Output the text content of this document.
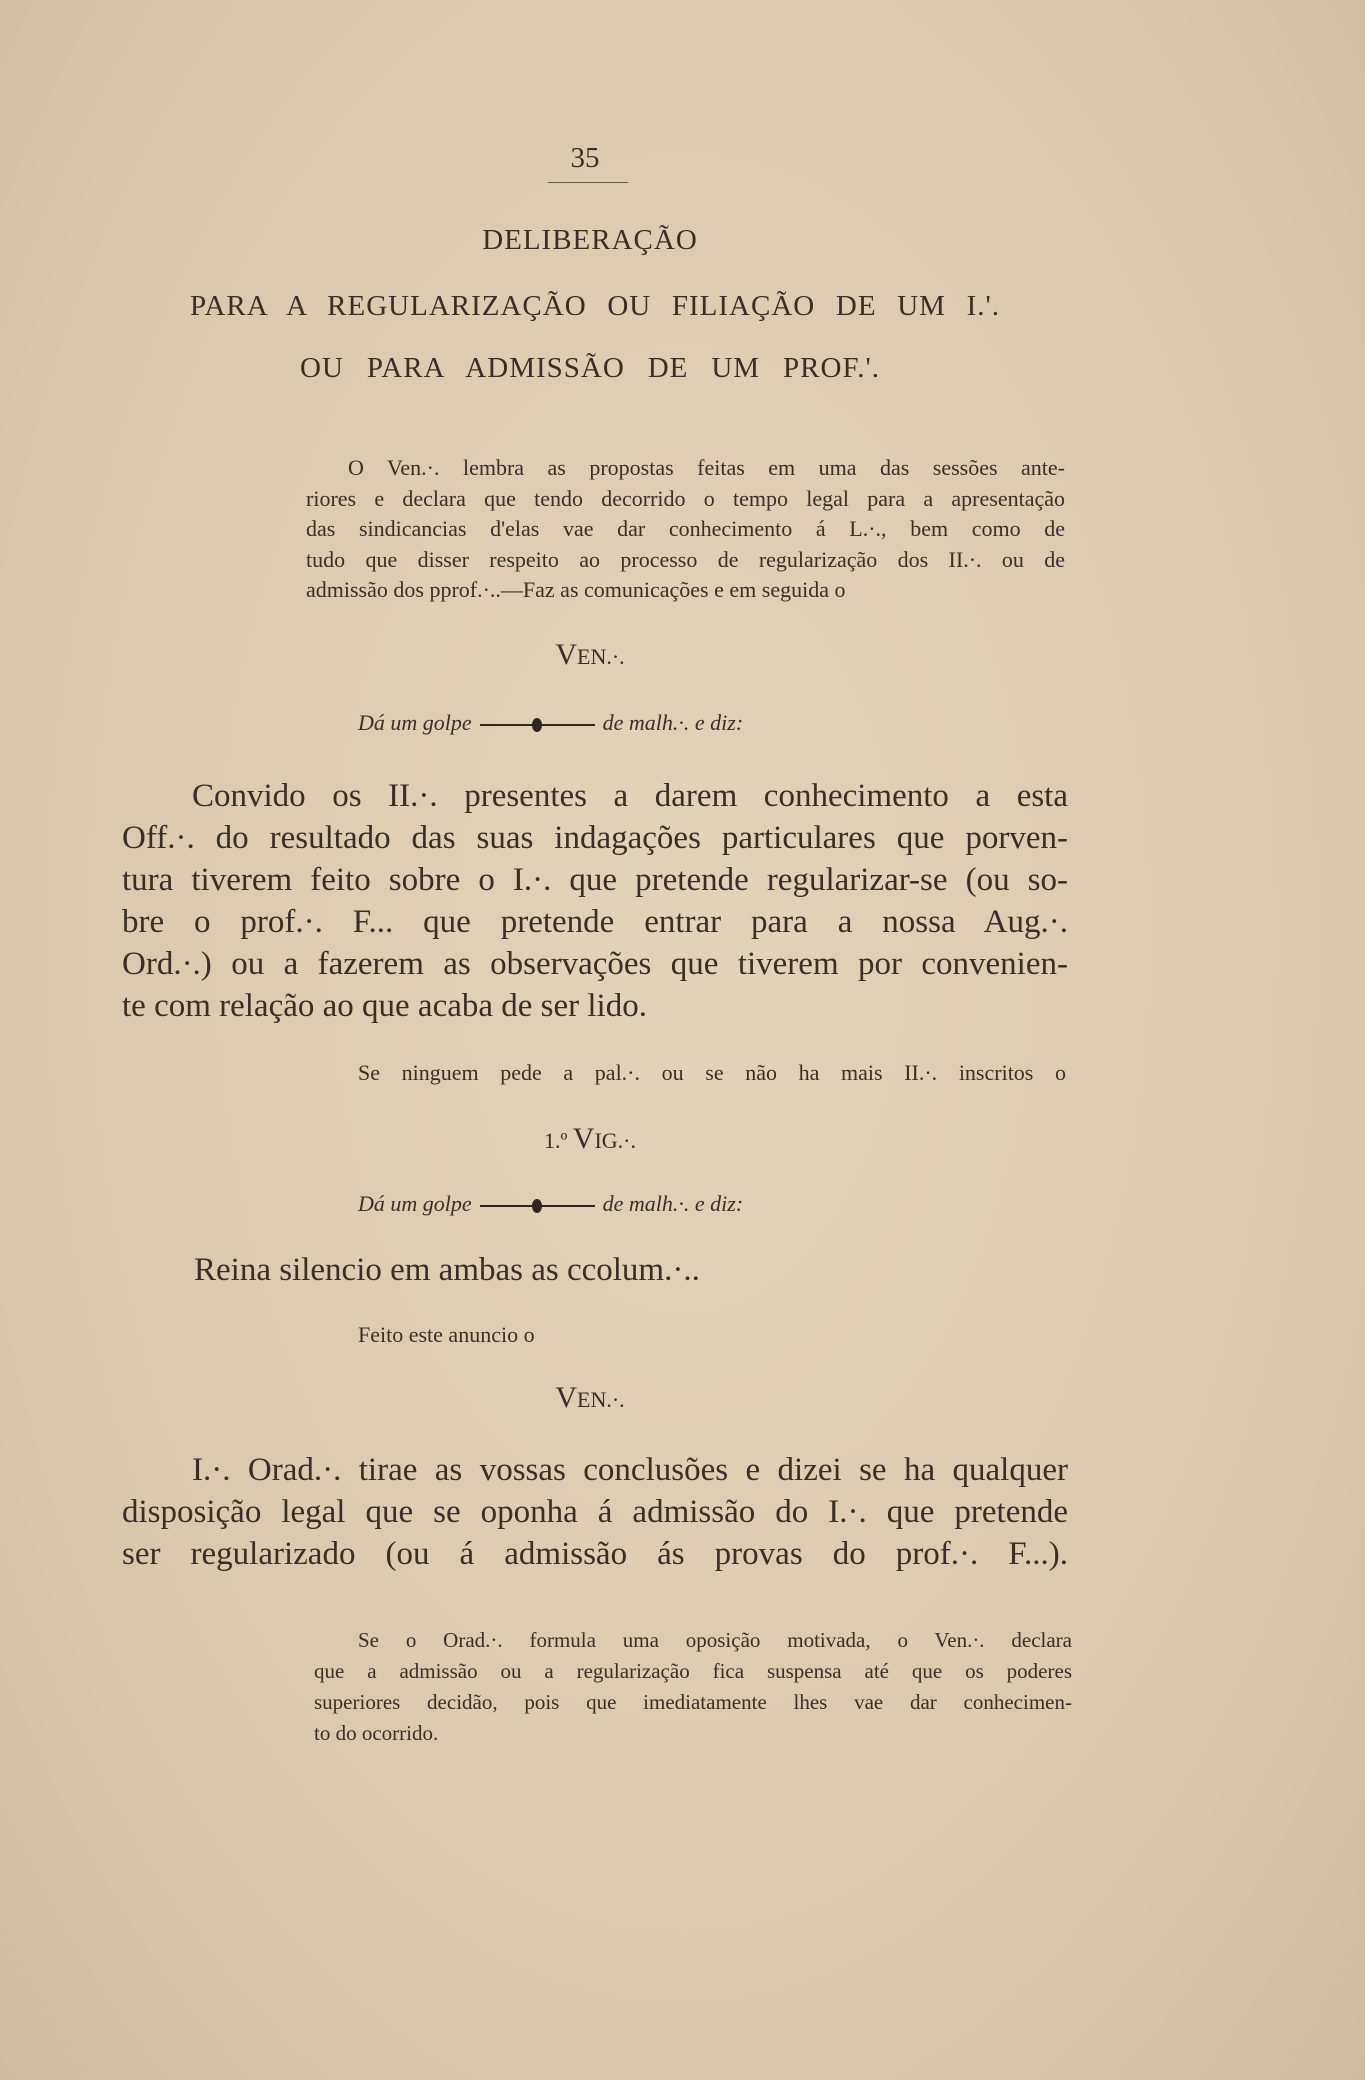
35
DELIBERAÇÃO
PARA A REGULARIZAÇÃO OU FILIAÇÃO DE UM I.'.
OU PARA ADMISSÃO DE UM PROF.'.
O Ven.·. lembra as propostas feitas em uma das sessões ante-
riores e declara que tendo decorrido o tempo legal para a apresentação
das sindicancias d'elas vae dar conhecimento á L.·., bem como de
tudo que disser respeito ao processo de regularização dos II.·. ou de
admissão dos pprof.·..—Faz as comunicações e em seguida o
VEN.·.
Dá um golpe	de malh.·. e diz:
Convido os II.·. presentes a darem conhecimento a esta
Off.·. do resultado das suas indagações particulares que porven-
tura tiverem feito sobre o I.·. que pretende regularizar-se (ou so-
bre o prof.·. F... que pretende entrar para a nossa Aug.·.
Ord.·.) ou a fazerem as observações que tiverem por convenien-
te com relação ao que acaba de ser lido.
Se ninguem pede a pal.·. ou se não ha mais II.·. inscritos o
1.º VIG.·.
Dá um golpe	de malh.·. e diz:
Reina silencio em ambas as ccolum.·..
Feito este anuncio o
VEN.·.
I.·. Orad.·. tirae as vossas conclusões e dizei se ha qualquer
disposição legal que se oponha á admissão do I.·. que pretende
ser regularizado (ou á admissão ás provas do prof.·. F...).
Se o Orad.·. formula uma oposição motivada, o Ven.·. declara
que a admissão ou a regularização fica suspensa até que os poderes
superiores decidão, pois que imediatamente lhes vae dar conhecimen-
to do ocorrido.
